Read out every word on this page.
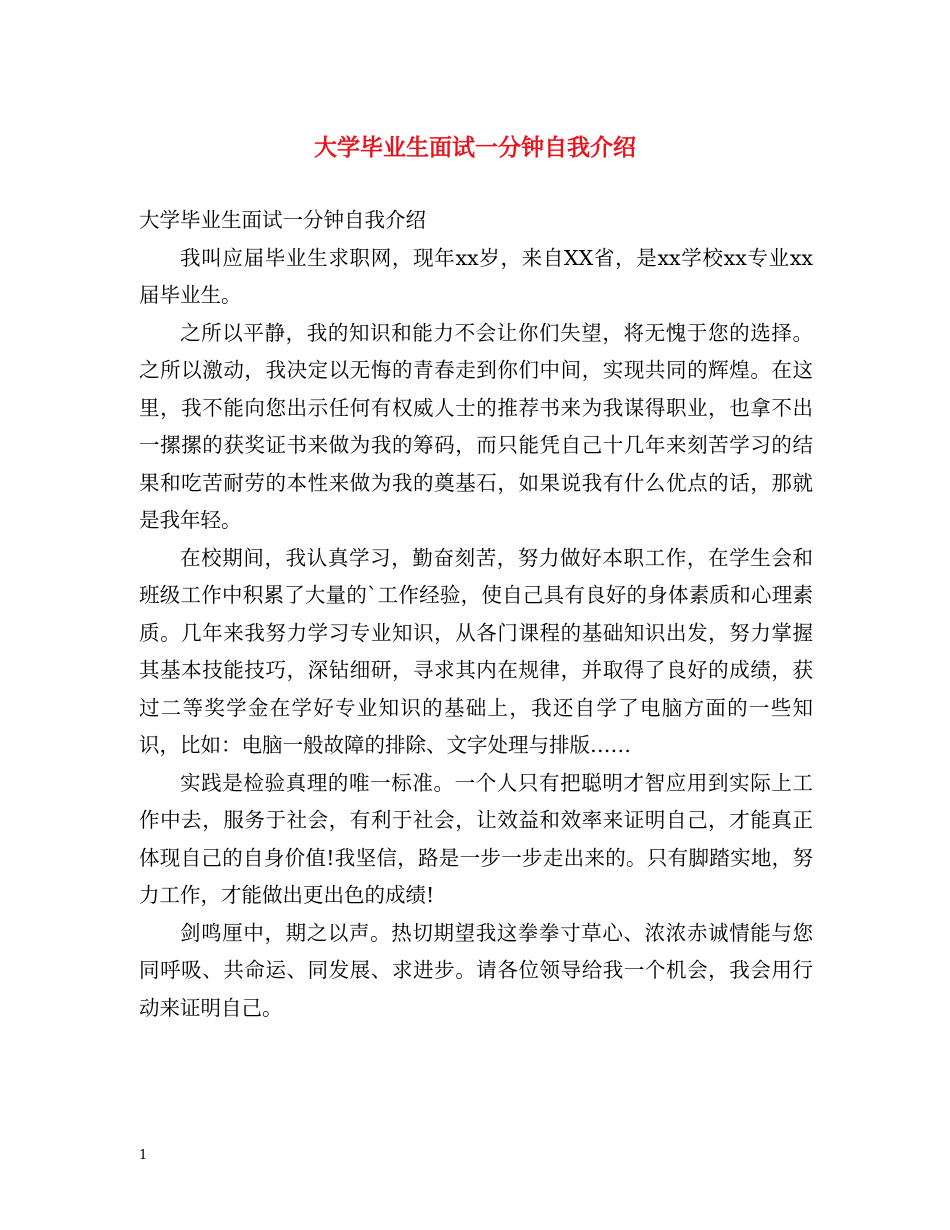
大学毕业生面试一分钟自我介绍

大学毕业生面试一分钟自我介绍

我叫应届毕业生求职网，现年xx岁，来自XX省，是xx学校xx专业xx届毕业生。

之所以平静，我的知识和能力不会让你们失望，将无愧于您的选择。之所以激动，我决定以无悔的青春走到你们中间，实现共同的辉煌。在这里，我不能向您出示任何有权威人士的推荐书来为我谋得职业，也拿不出一摞摞的获奖证书来做为我的筹码，而只能凭自己十几年来刻苦学习的结果和吃苦耐劳的本性来做为我的奠基石，如果说我有什么优点的话，那就是我年轻。

在校期间，我认真学习，勤奋刻苦，努力做好本职工作，在学生会和班级工作中积累了大量的`工作经验，使自己具有良好的身体素质和心理素质。几年来我努力学习专业知识，从各门课程的基础知识出发，努力掌握其基本技能技巧，深钻细研，寻求其内在规律，并取得了良好的成绩，获过二等奖学金在学好专业知识的基础上，我还自学了电脑方面的一些知识，比如：电脑一般故障的排除、文字处理与排版……

实践是检验真理的唯一标准。一个人只有把聪明才智应用到实际上工作中去，服务于社会，有利于社会，让效益和效率来证明自己，才能真正体现自己的自身价值!我坚信，路是一步一步走出来的。只有脚踏实地，努力工作，才能做出更出色的成绩!

剑鸣厘中，期之以声。热切期望我这拳拳寸草心、浓浓赤诚情能与您同呼吸、共命运、同发展、求进步。请各位领导给我一个机会，我会用行动来证明自己。

1
